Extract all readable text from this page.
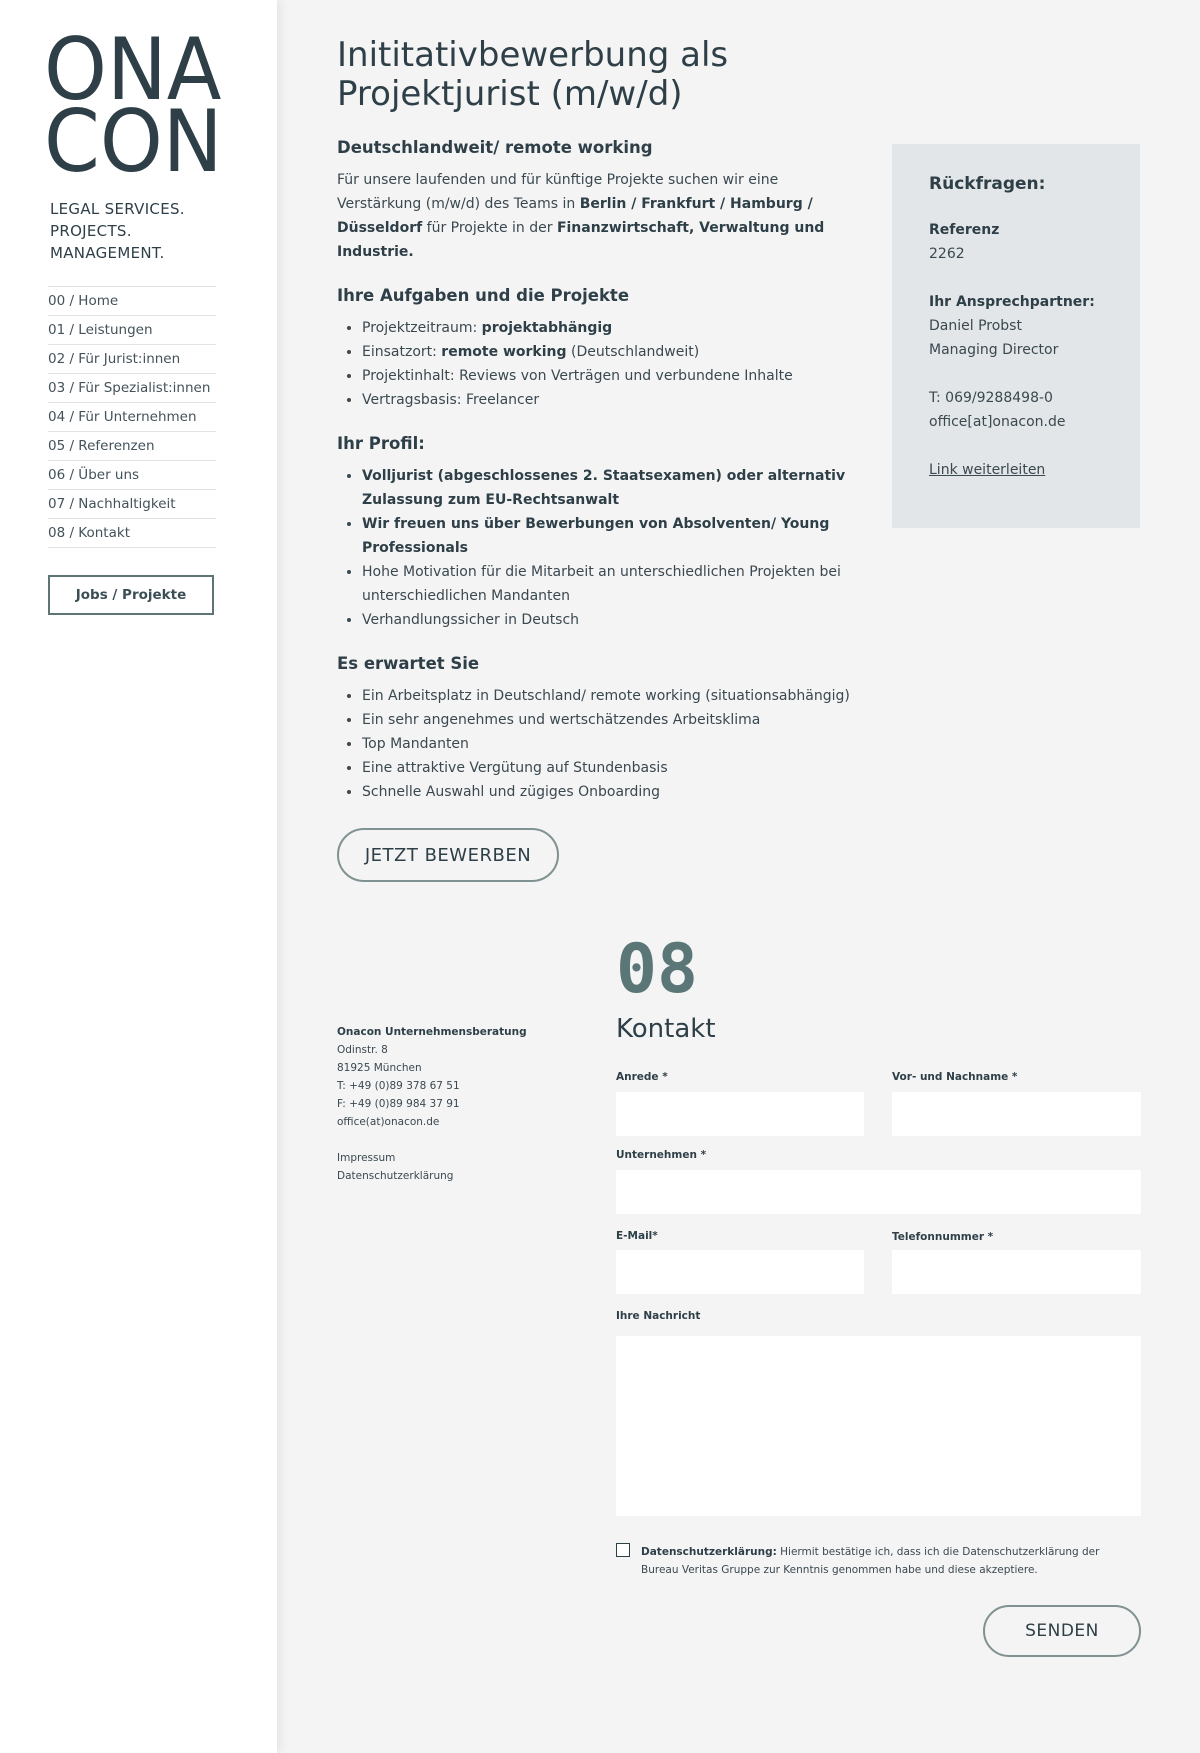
ONA
CON
LEGAL SERVICES.
PROJECTS.
MANAGEMENT.
00 / Home
01 / Leistungen
02 / Für Jurist:innen
03 / Für Spezialist:innen
04 / Für Unternehmen
05 / Referenzen
06 / Über uns
07 / Nachhaltigkeit
08 / Kontakt
Jobs / Projekte
Inititativbewerbung als Projektjurist (m/w/d)
Deutschlandweit/ remote working

Für unsere laufenden und für künftige Projekte suchen wir eine Verstärkung (m/w/d) des Teams in Berlin / Frankfurt / Hamburg / Düsseldorf für Projekte in der Finanzwirtschaft, Verwaltung und Industrie.

Ihre Aufgaben und die Projekte
• Projektzeitraum: projektabhängig
• Einsatzort: remote working (Deutschlandweit)
• Projektinhalt: Reviews von Verträgen und verbundene Inhalte
• Vertragsbasis: Freelancer
Ihr Profil:
• Volljurist (abgeschlossenes 2. Staatsexamen) oder alternativ Zulassung zum EU-Rechtsanwalt
• Wir freuen uns über Bewerbungen von Absolventen/ Young Professionals
• Hohe Motivation für die Mitarbeit an unterschiedlichen Projekten bei unterschiedlichen Mandanten
• Verhandlungssicher in Deutsch
Es erwartet Sie
• Ein Arbeitsplatz in Deutschland/ remote working (situationsabhängig)
• Ein sehr angenehmes und wertschätzendes Arbeitsklima
• Top Mandanten
• Eine attraktive Vergütung auf Stundenbasis
• Schnelle Auswahl und zügiges Onboarding
JETZT BEWERBEN
Rückfragen:
Referenz
2262
Ihr Ansprechpartner:
Daniel Probst
Managing Director
T: 069/9288498-0
office[at]onacon.de
Link weiterleiten
Onacon Unternehmensberatung
Odinstr. 8
81925 München
T: +49 (0)89 378 67 51
F: +49 (0)89 984 37 91
office(at)onacon.de
Impressum
Datenschutzerklärung
08
Kontakt
Anrede *	Vor- und Nachname *
Unternehmen *
E-Mail*	Telefonnummer *
Ihre Nachricht
Datenschutzerklärung: Hiermit bestätige ich, dass ich die Datenschutzerklärung der Bureau Veritas Gruppe zur Kenntnis genommen habe und diese akzeptiere.
SENDEN
